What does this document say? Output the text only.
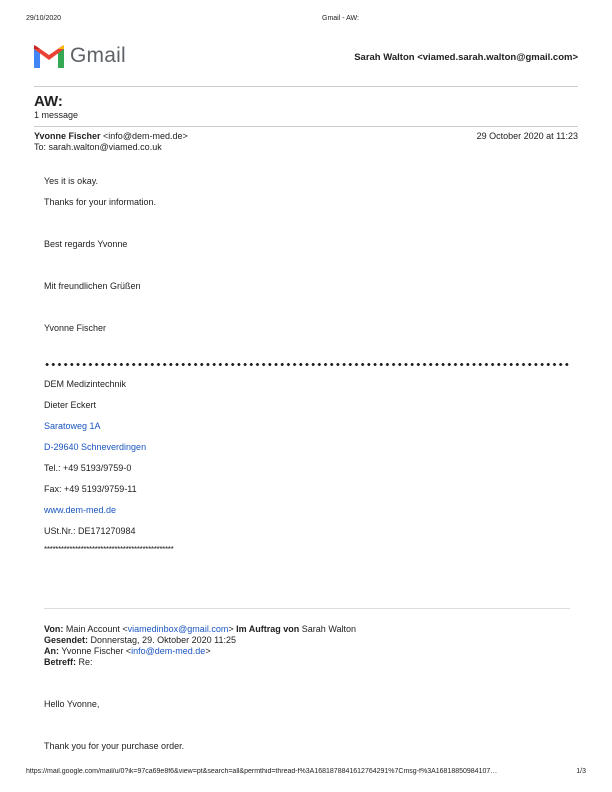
29/10/2020	Gmail - AW:
Gmail	Sarah Walton <viamed.sarah.walton@gmail.com>
AW:
1 message
Yvonne Fischer <info@dem-med.de>	29 October 2020 at 11:23
To: sarah.walton@viamed.co.uk
Yes it is okay.
Thanks for your information.
Best regards Yvonne
Mit freundlichen Grüßen
Yvonne Fischer
DEM Medizintechnik
Dieter Eckert
Saratoweg 1A
D-29640 Schneverdingen
Tel.: +49 5193/9759-0
Fax: +49 5193/9759-11
www.dem-med.de
USt.Nr.: DE171270984
**********************************************
Von: Main Account <viamedinbox@gmail.com> Im Auftrag von Sarah Walton
Gesendet: Donnerstag, 29. Oktober 2020 11:25
An: Yvonne Fischer <info@dem-med.de>
Betreff: Re:
Hello Yvonne,
Thank you for your purchase order.
https://mail.google.com/mail/u/0?ik=97ca69e8f6&view=pt&search=all&permthid=thread-f%3A1681878841612764291%7Cmsg-f%3A16818850984107…	1/3
